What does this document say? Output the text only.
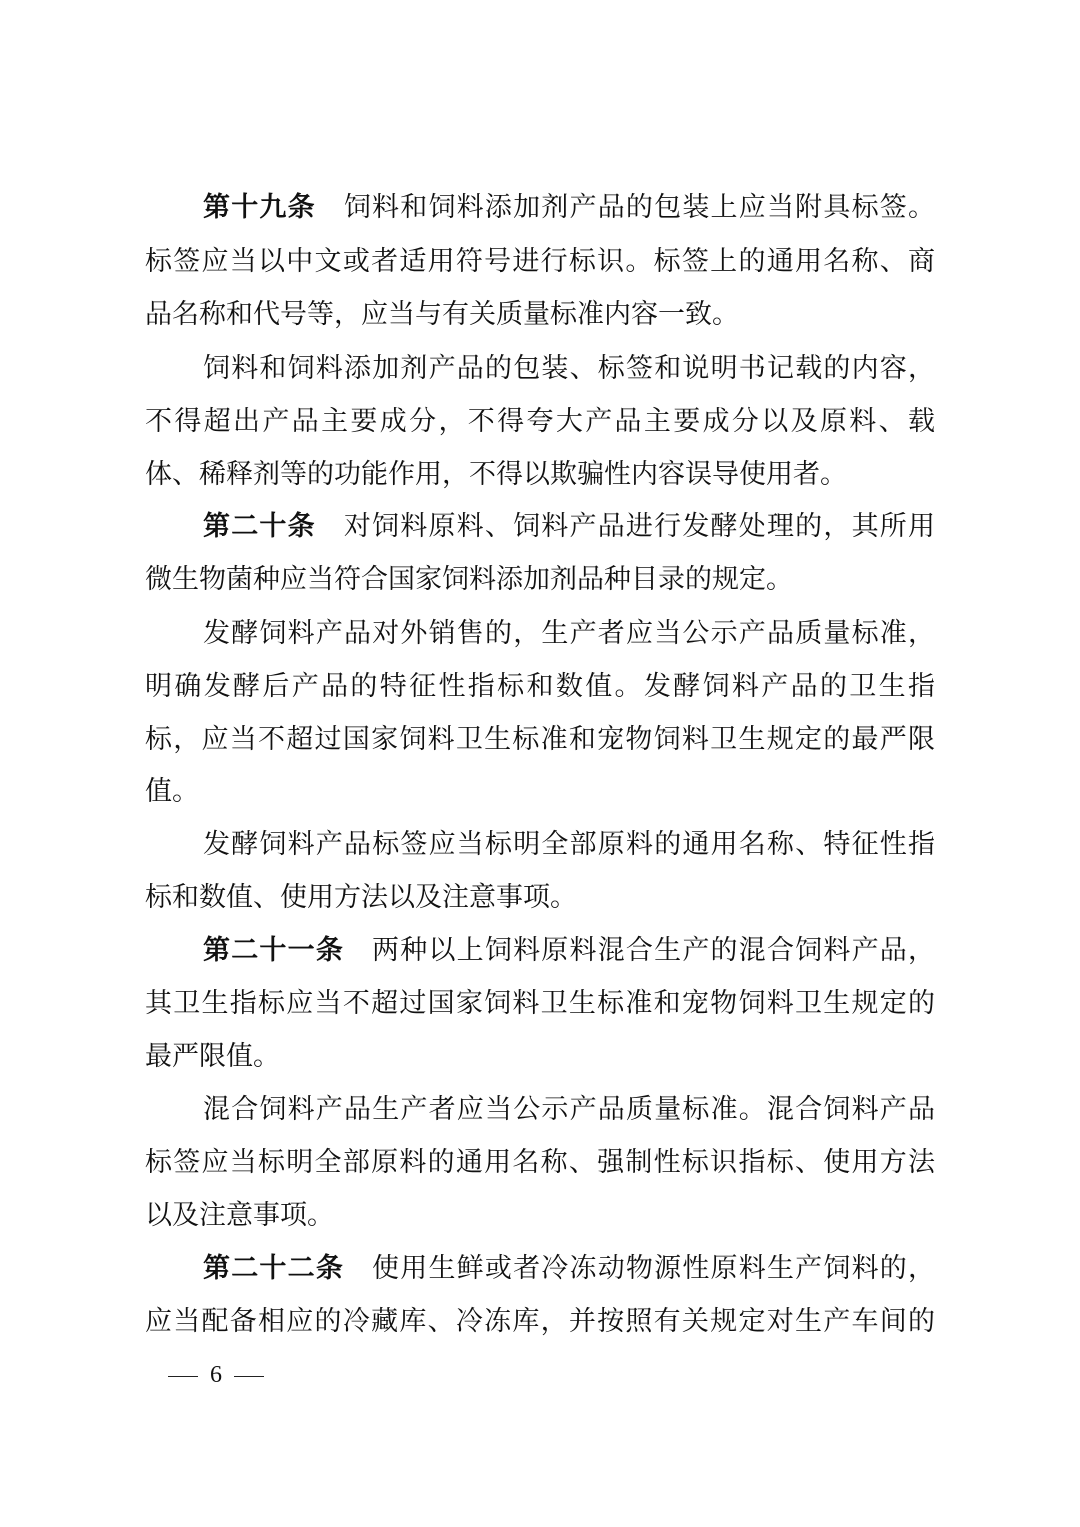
第十九条 饲料和饲料添加剂产品的包装上应当附具标签。
标签应当以中文或者适用符号进行标识。标签上的通用名称、商
品名称和代号等，应当与有关质量标准内容一致。
饲料和饲料添加剂产品的包装、标签和说明书记载的内容，
不得超出产品主要成分，不得夸大产品主要成分以及原料、载
体、稀释剂等的功能作用，不得以欺骗性内容误导使用者。
第二十条 对饲料原料、饲料产品进行发酵处理的，其所用
微生物菌种应当符合国家饲料添加剂品种目录的规定。
发酵饲料产品对外销售的，生产者应当公示产品质量标准，
明确发酵后产品的特征性指标和数值。发酵饲料产品的卫生指
标，应当不超过国家饲料卫生标准和宠物饲料卫生规定的最严限
值。
发酵饲料产品标签应当标明全部原料的通用名称、特征性指
标和数值、使用方法以及注意事项。
第二十一条 两种以上饲料原料混合生产的混合饲料产品，
其卫生指标应当不超过国家饲料卫生标准和宠物饲料卫生规定的
最严限值。
混合饲料产品生产者应当公示产品质量标准。混合饲料产品
标签应当标明全部原料的通用名称、强制性标识指标、使用方法
以及注意事项。
第二十二条 使用生鲜或者冷冻动物源性原料生产饲料的，
应当配备相应的冷藏库、冷冻库，并按照有关规定对生产车间的
6
